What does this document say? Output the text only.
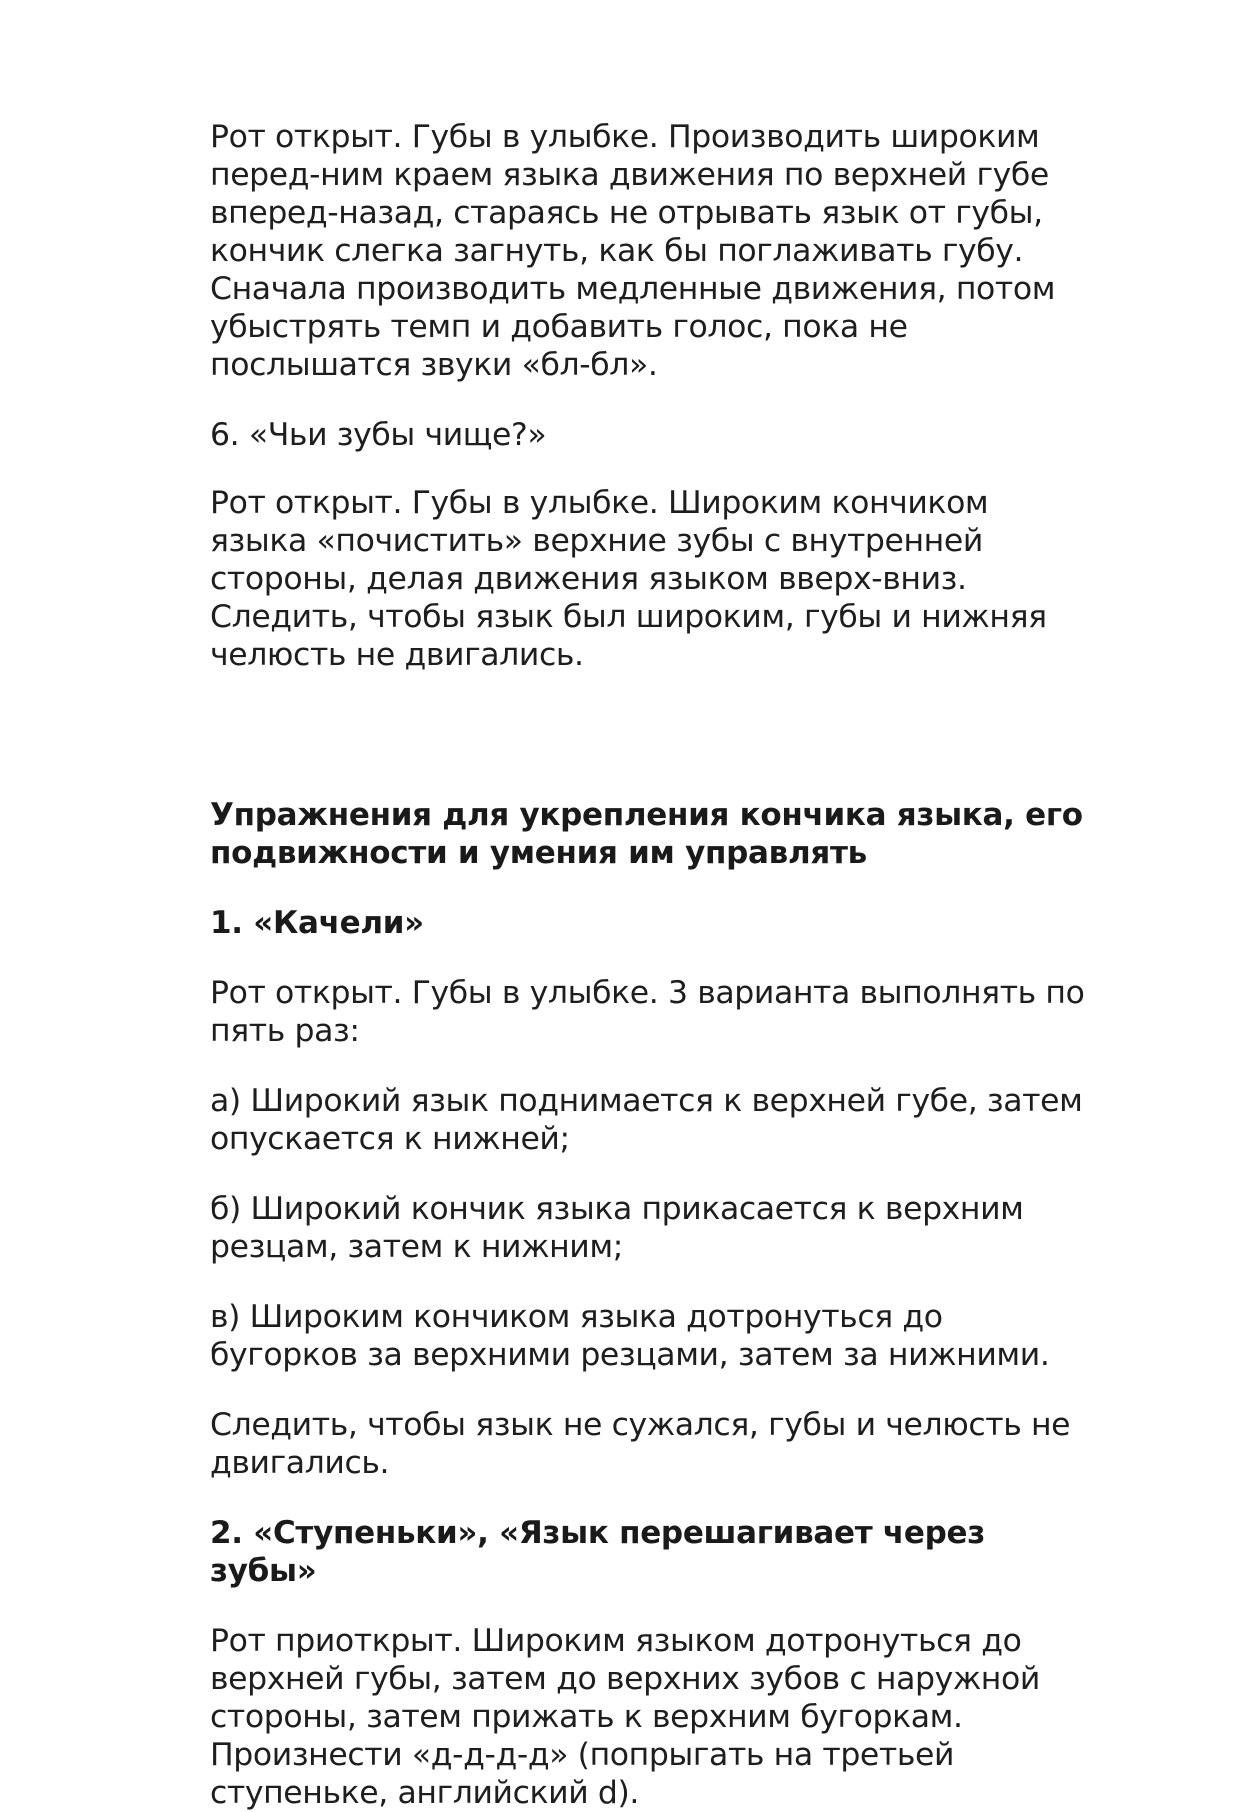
Рот открыт. Губы в улыбке. Производить широким перед-ним краем языка движения по верхней губе вперед-назад, стараясь не отрывать язык от губы, кончик слегка загнуть, как бы поглаживать губу. Сначала производить медленные движения, потом убыстрять темп и добавить голос, пока не послышатся звуки «бл-бл».

6. «Чьи зубы чище?»

Рот открыт. Губы в улыбке. Широким кончиком языка «почистить» верхние зубы с внутренней стороны, делая движения языком вверх-вниз. Следить, чтобы язык был широким, губы и нижняя челюсть не двигались.

Упражнения для укрепления кончика языка, его подвижности и умения им управлять

1. «Качели»

Рот открыт. Губы в улыбке. 3 варианта выполнять по пять раз:

а) Широкий язык поднимается к верхней губе, затем опускается к нижней;

б) Широкий кончик языка прикасается к верхним резцам, затем к нижним;

в) Широким кончиком языка дотронуться до бугорков за верхними резцами, затем за нижними.

Следить, чтобы язык не сужался, губы и челюсть не двигались.

2. «Ступеньки», «Язык перешагивает через зубы»

Рот приоткрыт. Широким языком дотронуться до верхней губы, затем до верхних зубов с наружной стороны, затем прижать к верхним бугоркам. Произнести «д-д-д-д» (попрыгать на третьей ступеньке, английский d).
